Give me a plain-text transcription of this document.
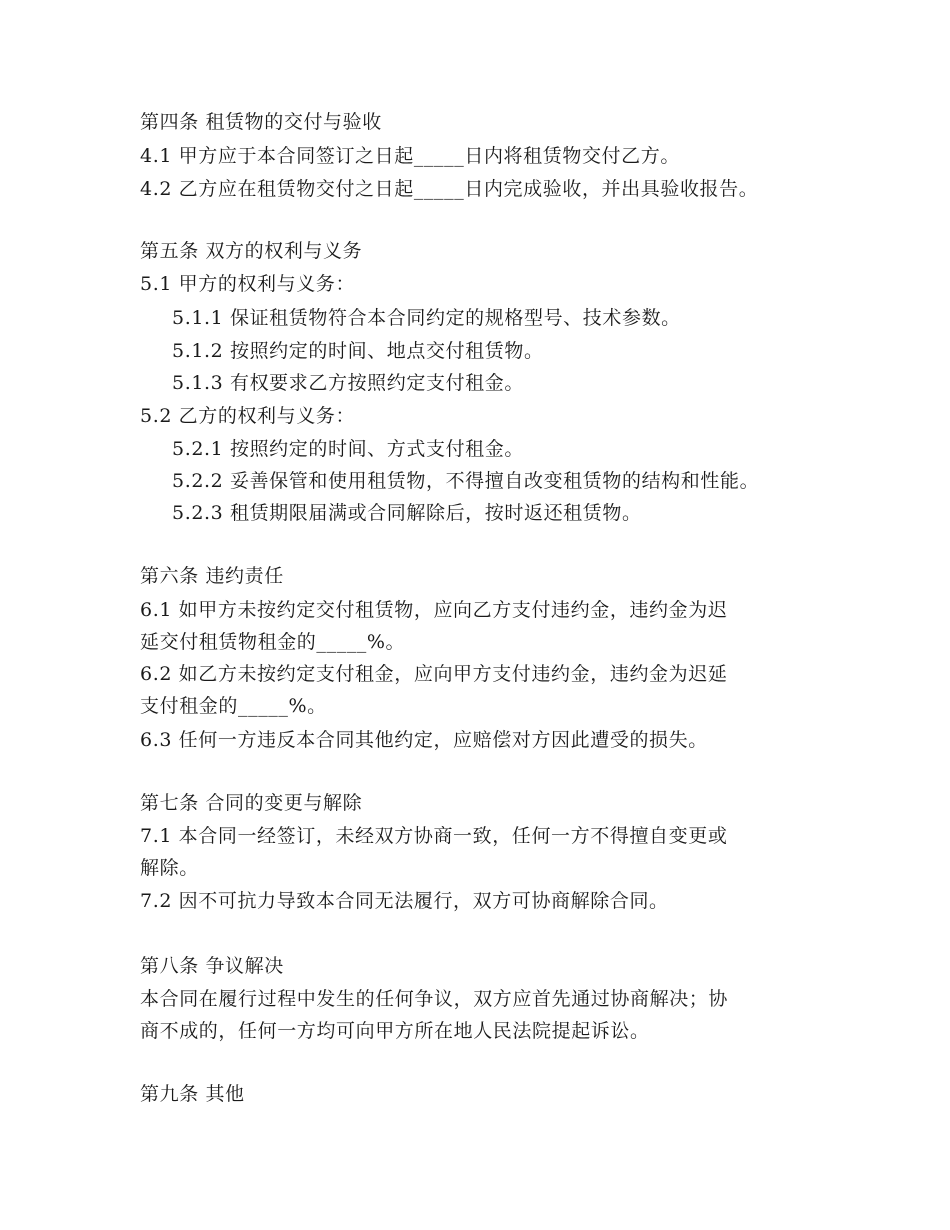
第四条 租赁物的交付与验收
4.1 甲方应于本合同签订之日起_____日内将租赁物交付乙方。
4.2 乙方应在租赁物交付之日起_____日内完成验收，并出具验收报告。
第五条 双方的权利与义务
5.1 甲方的权利与义务：
5.1.1 保证租赁物符合本合同约定的规格型号、技术参数。
5.1.2 按照约定的时间、地点交付租赁物。
5.1.3 有权要求乙方按照约定支付租金。
5.2 乙方的权利与义务：
5.2.1 按照约定的时间、方式支付租金。
5.2.2 妥善保管和使用租赁物，不得擅自改变租赁物的结构和性能。
5.2.3 租赁期限届满或合同解除后，按时返还租赁物。
第六条 违约责任
6.1 如甲方未按约定交付租赁物，应向乙方支付违约金，违约金为迟
延交付租赁物租金的_____%。
6.2 如乙方未按约定支付租金，应向甲方支付违约金，违约金为迟延
支付租金的_____%。
6.3 任何一方违反本合同其他约定，应赔偿对方因此遭受的损失。
第七条 合同的变更与解除
7.1 本合同一经签订，未经双方协商一致，任何一方不得擅自变更或
解除。
7.2 因不可抗力导致本合同无法履行，双方可协商解除合同。
第八条 争议解决
本合同在履行过程中发生的任何争议，双方应首先通过协商解决；协
商不成的，任何一方均可向甲方所在地人民法院提起诉讼。
第九条 其他
